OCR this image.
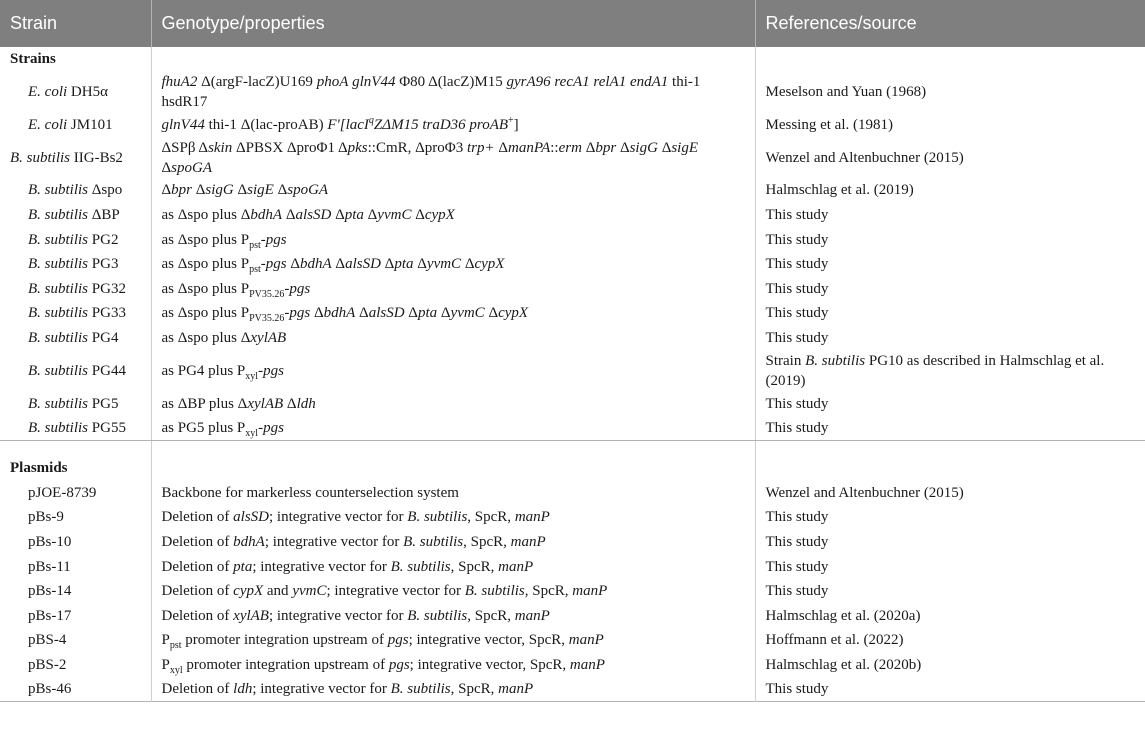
Strain	Genotype/properties	References/source
Strains		
E. coli DH5α	fhuA2 Δ(argF-lacZ)U169 phoA glnV44 Φ80 Δ(lacZ)M15 gyrA96 recA1 relA1 endA1 thi-1 hsdR17	Meselson and Yuan (1968)
E. coli JM101	glnV44 thi-1 Δ(lac-proAB) F'[lacI$^q$ZΔM15 traD36 proAB+]	Messing et al. (1981)
B. subtilis IIG-Bs2	ΔSPβ Δskin ΔPBSX ΔproΦ1 Δpks::CmR, ΔproΦ3 trp+ ΔmanPA::erm Δbpr ΔsigG ΔsigE ΔspoGA	Wenzel and Altenbuchner (2015)
B. subtilis Δspo	Δbpr ΔsigG ΔsigE ΔspoGA	Halmschlag et al. (2019)
B. subtilis ΔBP	as Δspo plus ΔbdhA ΔalsSD Δpta ΔyvmC ΔcypX	This study
B. subtilis PG2	as Δspo plus $P_{pst}$-pgs	This study
B. subtilis PG3	as Δspo plus $P_{pst}$-pgs ΔbdhA ΔalsSD Δpta ΔyvmC ΔcypX	This study
B. subtilis PG32	as Δspo plus $P_{PV35.26}$-pgs	This study
B. subtilis PG33	as Δspo plus $P_{PV35.26}$-pgs ΔbdhA ΔalsSD Δpta ΔyvmC ΔcypX	This study
B. subtilis PG4	as Δspo plus ΔxylAB	This study
B. subtilis PG44	as PG4 plus $P_{xyl}$-pgs	Strain B. subtilis PG10 as described in Halmschlag et al. (2019)
B. subtilis PG5	as ΔBP plus ΔxylAB Δldh	This study
B. subtilis PG55	as PG5 plus $P_{xyl}$-pgs	This study
Plasmids		
pJOE-8739	Backbone for markerless counterselection system	Wenzel and Altenbuchner (2015)
pBs-9	Deletion of alsSD; integrative vector for B. subtilis, SpcR, manP	This study
pBs-10	Deletion of bdhA; integrative vector for B. subtilis, SpcR, manP	This study
pBs-11	Deletion of pta; integrative vector for B. subtilis, SpcR, manP	This study
pBs-14	Deletion of cypX and yvmC; integrative vector for B. subtilis, SpcR, manP	This study
pBs-17	Deletion of xylAB; integrative vector for B. subtilis, SpcR, manP	Halmschlag et al. (2020a)
pBS-4	$P_{pst}$ promoter integration upstream of pgs; integrative vector, SpcR, manP	Hoffmann et al. (2022)
pBS-2	$P_{xyl}$ promoter integration upstream of pgs; integrative vector, SpcR, manP	Halmschlag et al. (2020b)
pBs-46	Deletion of ldh; integrative vector for B. subtilis, SpcR, manP	This study
